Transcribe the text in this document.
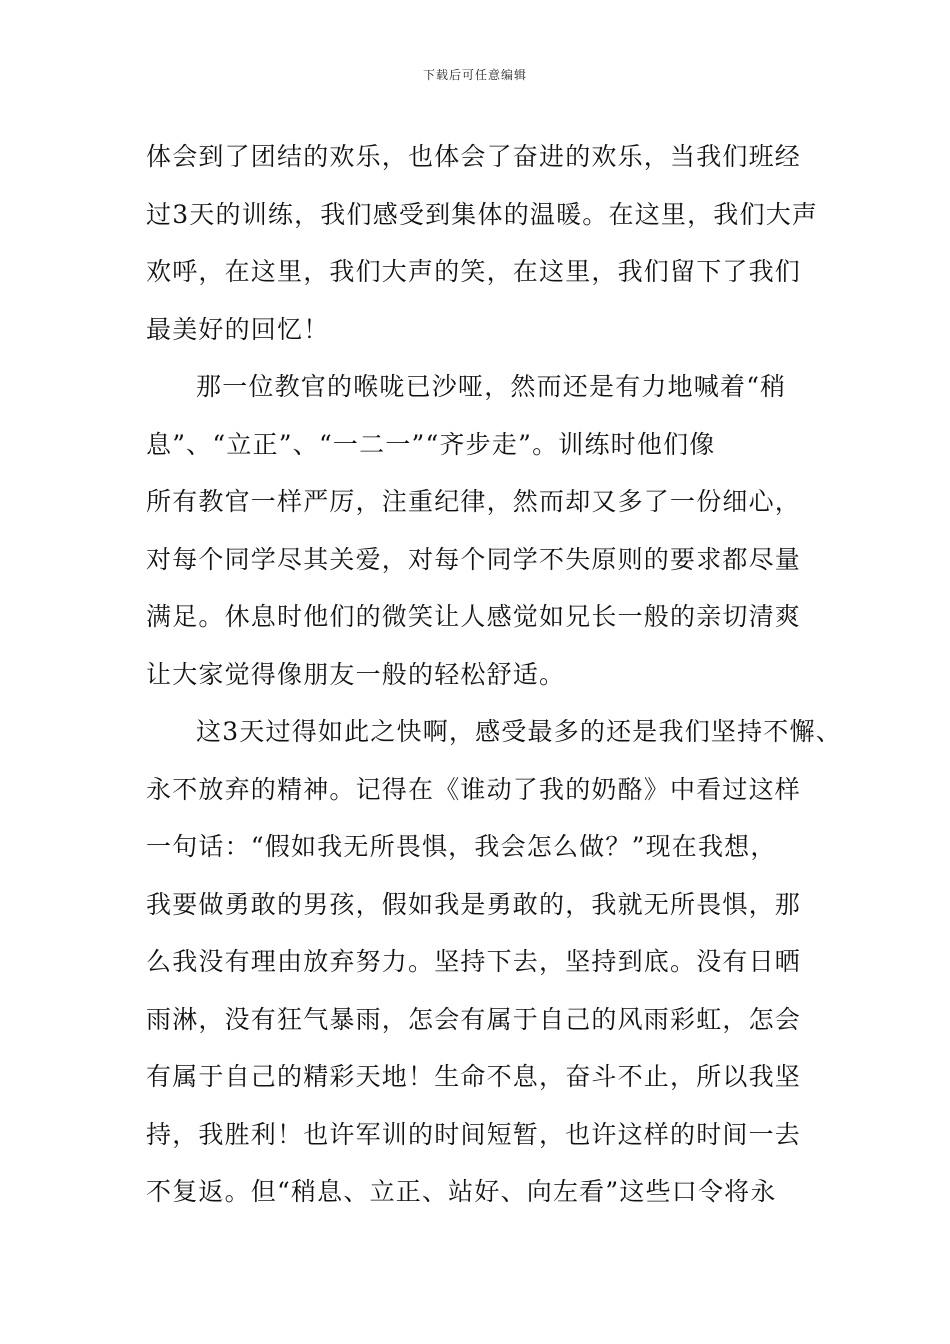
下载后可任意编辑
体会到了团结的欢乐，也体会了奋进的欢乐，当我们班经
过3天的训练，我们感受到集体的温暖。在这里，我们大声
欢呼，在这里，我们大声的笑，在这里，我们留下了我们
最美好的回忆！
那一位教官的喉咙已沙哑，然而还是有力地喊着“稍
息”、“立正”、“一二一”“齐步走”。训练时他们像
所有教官一样严厉，注重纪律，然而却又多了一份细心，
对每个同学尽其关爱，对每个同学不失原则的要求都尽量
满足。休息时他们的微笑让人感觉如兄长一般的亲切清爽
让大家觉得像朋友一般的轻松舒适。
这3天过得如此之快啊，感受最多的还是我们坚持不懈、
永不放弃的精神。记得在《谁动了我的奶酪》中看过这样
一句话：“假如我无所畏惧，我会怎么做？”现在我想，
我要做勇敢的男孩，假如我是勇敢的，我就无所畏惧，那
么我没有理由放弃努力。坚持下去，坚持到底。没有日晒
雨淋，没有狂气暴雨，怎会有属于自己的风雨彩虹，怎会
有属于自己的精彩天地！生命不息，奋斗不止，所以我坚
持，我胜利！也许军训的时间短暂，也许这样的时间一去
不复返。但“稍息、立正、站好、向左看”这些口令将永
